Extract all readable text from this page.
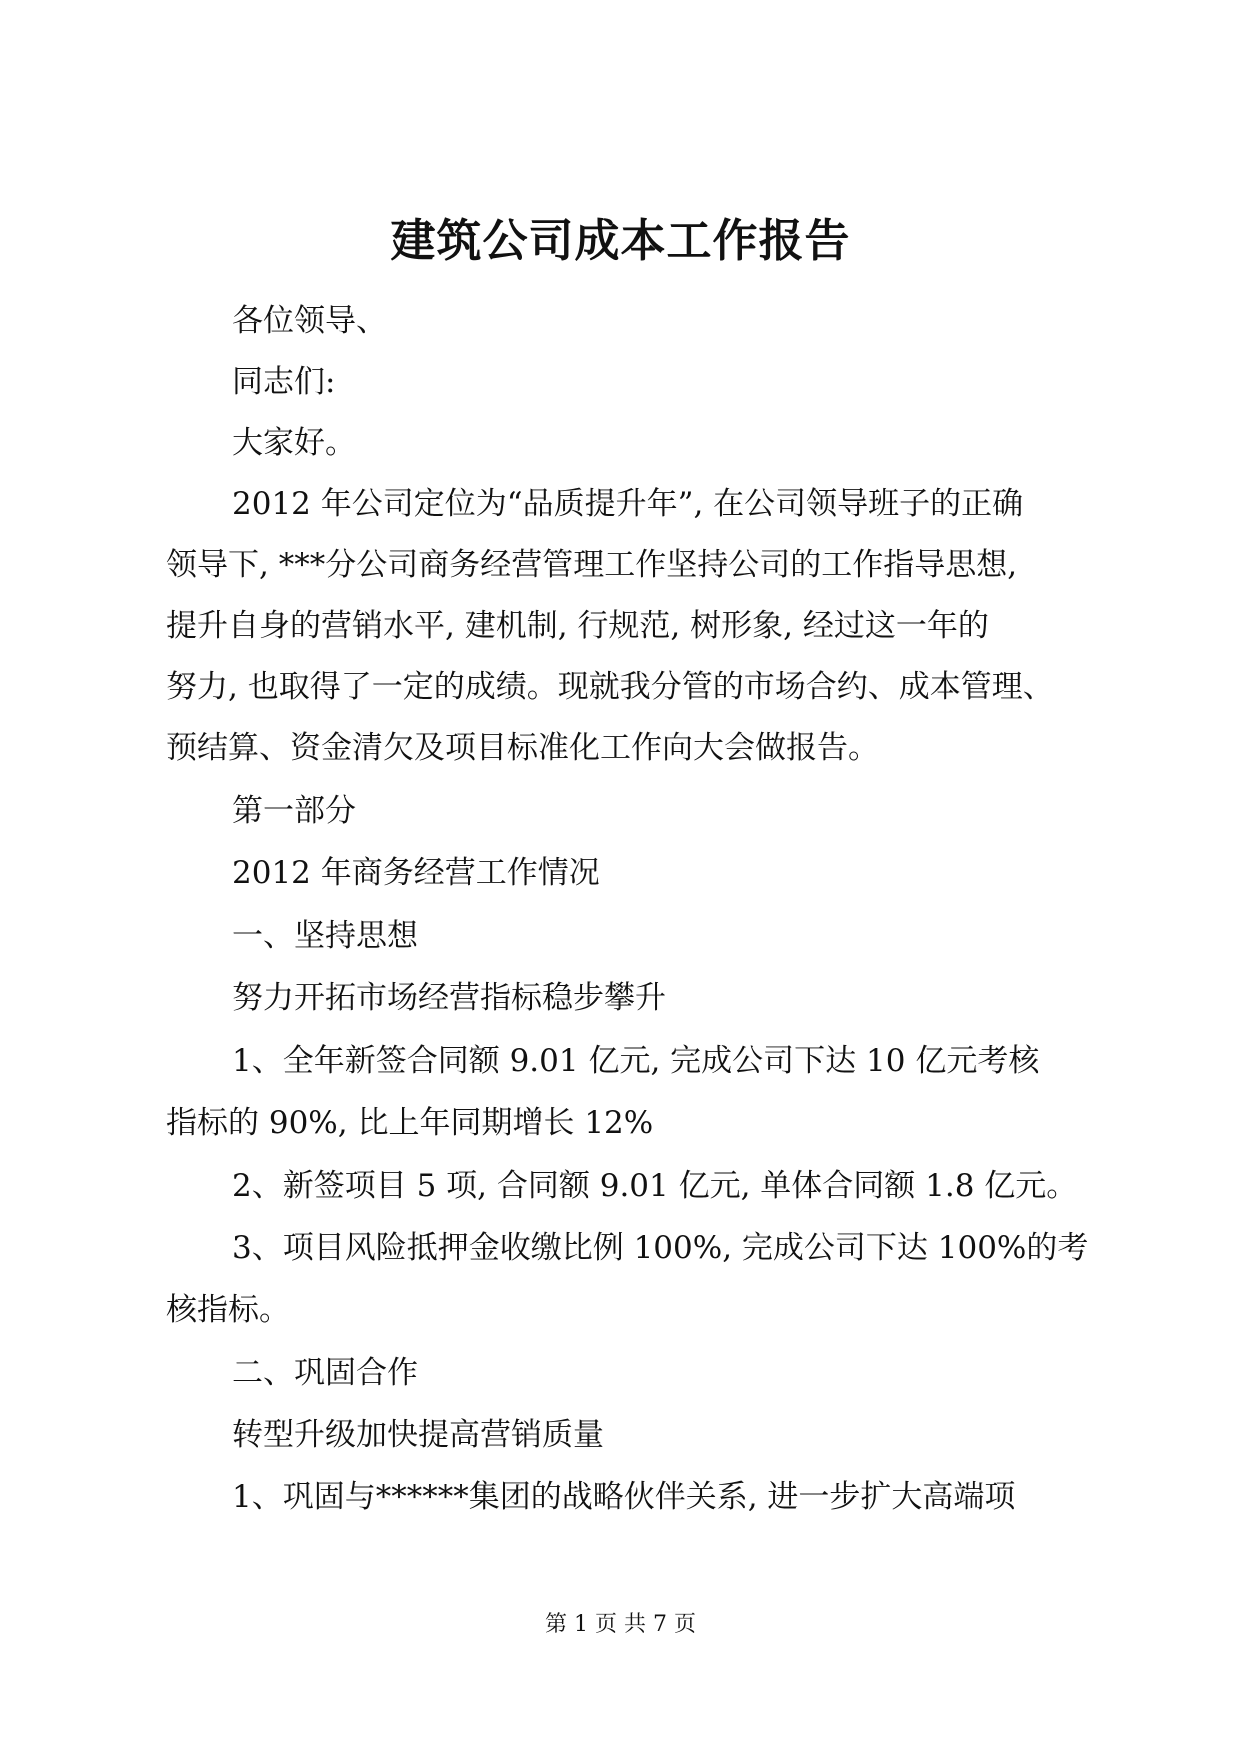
建筑公司成本工作报告

各位领导、

同志们:

大家好。

2012 年公司定位为“品质提升年”, 在公司领导班子的正确

领导下, ***分公司商务经营管理工作坚持公司的工作指导思想,

提升自身的营销水平, 建机制, 行规范, 树形象, 经过这一年的

努力, 也取得了一定的成绩。现就我分管的市场合约、成本管理、

预结算、资金清欠及项目标准化工作向大会做报告。

第一部分

2012 年商务经营工作情况

一、坚持思想

努力开拓市场经营指标稳步攀升

1、全年新签合同额 9.01 亿元, 完成公司下达 10 亿元考核

指标的 90%, 比上年同期增长 12%

2、新签项目 5 项, 合同额 9.01 亿元, 单体合同额 1.8 亿元。

3、项目风险抵押金收缴比例 100%, 完成公司下达 100%的考

核指标。

二、巩固合作

转型升级加快提高营销质量

1、巩固与******集团的战略伙伴关系, 进一步扩大高端项

第 1 页 共 7 页
